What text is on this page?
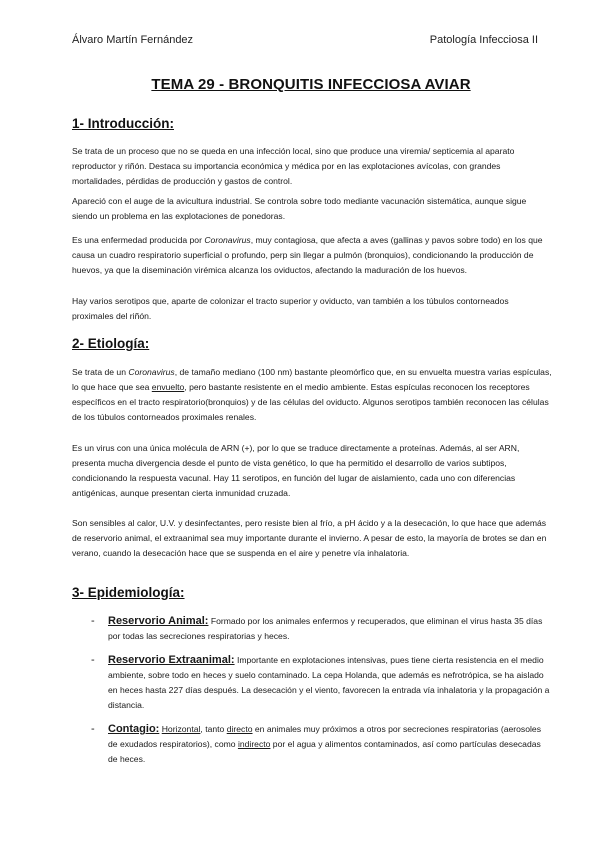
Álvaro Martín Fernández	Patología Infecciosa II
TEMA 29 - BRONQUITIS INFECCIOSA AVIAR
1- Introducción:

Se trata de un proceso que no se queda en una infección local, sino que produce una viremia/ septicemia al aparato reproductor y riñón. Destaca su importancia económica y médica por en las explotaciones avícolas, con grandes mortalidades, pérdidas de producción y gastos de control.

Apareció con el auge de la avicultura industrial. Se controla sobre todo mediante vacunación sistemática, aunque sigue siendo un problema en las explotaciones de ponedoras.

Es una enfermedad producida por Coronavirus, muy contagiosa, que afecta a aves (gallinas y pavos sobre todo) en los que causa un cuadro respiratorio superficial o profundo, perp sin llegar a pulmón (bronquios), condicionando la producción de huevos, ya que la diseminación virémica alcanza los oviductos, afectando la maduración de los huevos.

Hay varios serotipos que, aparte de colonizar el tracto superior y oviducto, van también a los túbulos contorneados proximales del riñón.

2- Etiología:

Se trata de un Coronavirus, de tamaño mediano (100 nm) bastante pleomórfico que, en su envuelta muestra varias espículas, lo que hace que sea envuelto, pero bastante resistente en el medio ambiente. Estas espículas reconocen los receptores específicos en el tracto respiratorio(bronquios) y de las células del oviducto. Algunos serotipos también reconocen las células de los túbulos contorneados proximales renales.

Es un virus con una única molécula de ARN (+), por lo que se traduce directamente a proteínas. Además, al ser ARN, presenta mucha divergencia desde el punto de vista genético, lo que ha permitido el desarrollo de varios subtipos, condicionando la respuesta vacunal. Hay 11 serotipos, en función del lugar de aislamiento, cada uno con diferencias antigénicas, aunque presentan cierta inmunidad cruzada.

Son sensibles al calor, U.V. y desinfectantes, pero resiste bien al frío, a pH ácido y a la desecación, lo que hace que además de reservorio animal, el extraanimal sea muy importante durante el invierno. A pesar de esto, la mayoría de brotes se dan en verano, cuando la desecación hace que se suspenda en el aire y penetre vía inhalatoria.

3- Epidemiología:
- Reservorio Animal: Formado por los animales enfermos y recuperados, que eliminan el virus hasta 35 días por todas las secreciones respiratorias y heces.
- Reservorio Extraanimal: Importante en explotaciones intensivas, pues tiene cierta resistencia en el medio ambiente, sobre todo en heces y suelo contaminado. La cepa Holanda, que además es nefrotrópica, se ha aislado en heces hasta 227 días después. La desecación y el viento, favorecen la entrada vía inhalatoria y la propagación a distancia.
- Contagio: Horizontal, tanto directo en animales muy próximos a otros por secreciones respiratorias (aerosoles de exudados respiratorios), como indirecto por el agua y alimentos contaminados, así como partículas desecadas de heces.
